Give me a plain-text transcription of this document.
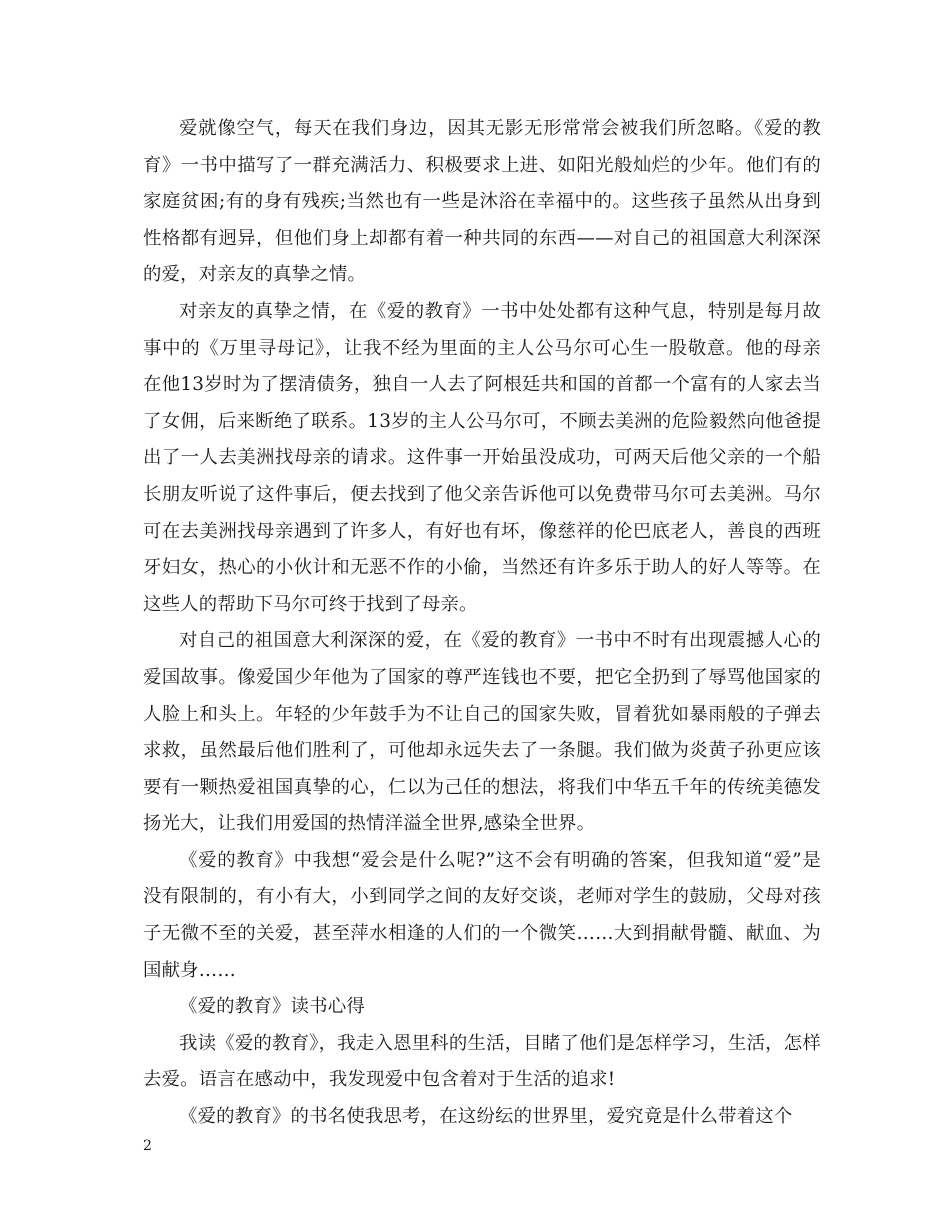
爱就像空气，每天在我们身边，因其无影无形常常会被我们所忽略。《爱的教育》一书中描写了一群充满活力、积极要求上进、如阳光般灿烂的少年。他们有的家庭贫困;有的身有残疾;当然也有一些是沐浴在幸福中的。这些孩子虽然从出身到性格都有迥异，但他们身上却都有着一种共同的东西——对自己的祖国意大利深深的爱，对亲友的真挚之情。

对亲友的真挚之情，在《爱的教育》一书中处处都有这种气息，特别是每月故事中的《万里寻母记》，让我不经为里面的主人公马尔可心生一股敬意。他的母亲在他13岁时为了摆清债务，独自一人去了阿根廷共和国的首都一个富有的人家去当了女佣，后来断绝了联系。13岁的主人公马尔可，不顾去美洲的危险毅然向他爸提出了一人去美洲找母亲的请求。这件事一开始虽没成功，可两天后他父亲的一个船长朋友听说了这件事后，便去找到了他父亲告诉他可以免费带马尔可去美洲。马尔可在去美洲找母亲遇到了许多人，有好也有坏，像慈祥的伦巴底老人，善良的西班牙妇女，热心的小伙计和无恶不作的小偷，当然还有许多乐于助人的好人等等。在这些人的帮助下马尔可终于找到了母亲。

对自己的祖国意大利深深的爱，在《爱的教育》一书中不时有出现震撼人心的爱国故事。像爱国少年他为了国家的尊严连钱也不要，把它全扔到了辱骂他国家的人脸上和头上。年轻的少年鼓手为不让自己的国家失败，冒着犹如暴雨般的子弹去求救，虽然最后他们胜利了，可他却永远失去了一条腿。我们做为炎黄子孙更应该要有一颗热爱祖国真挚的心，仁以为己任的想法，将我们中华五千年的传统美德发扬光大，让我们用爱国的热情洋溢全世界,感染全世界。

《爱的教育》中我想“爱会是什么呢?”这不会有明确的答案，但我知道“爱”是没有限制的，有小有大，小到同学之间的友好交谈，老师对学生的鼓励，父母对孩子无微不至的关爱，甚至萍水相逢的人们的一个微笑……大到捐献骨髓、献血、为国献身……

《爱的教育》读书心得

我读《爱的教育》，我走入恩里科的生活，目睹了他们是怎样学习，生活，怎样去爱。语言在感动中，我发现爱中包含着对于生活的追求!

《爱的教育》的书名使我思考，在这纷纭的世界里，爱究竟是什么带着这个

2
